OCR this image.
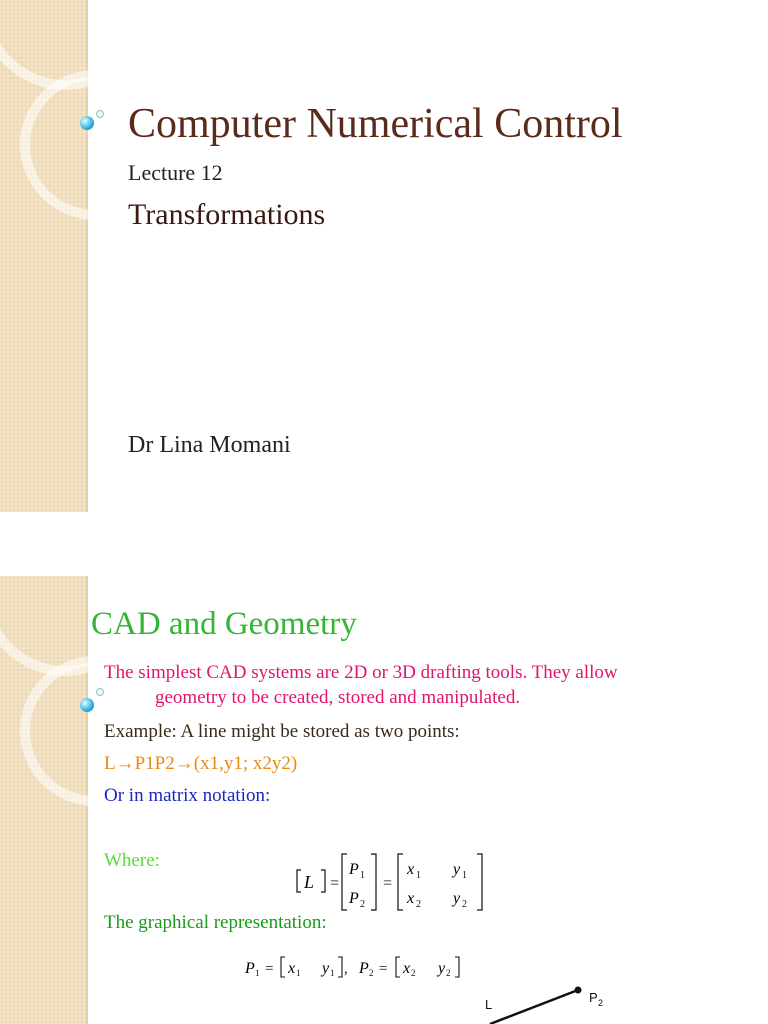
Computer Numerical Control
Lecture 12
Transformations
Dr Lina Momani
CAD and Geometry
The simplest CAD systems are 2D or 3D drafting tools. They allow
geometry to be created, stored and manipulated.
Example: A line might be stored as two points:
L→P1P2→(x1,y1; x2y2)
Or in matrix notation:
Where:
The graphical representation:
L =
P 1
P 2
=
x 1 y 1
x 2 y 2
P 1 = x 1 y 1 , P 2 = x 2 y 2
L	P 2
